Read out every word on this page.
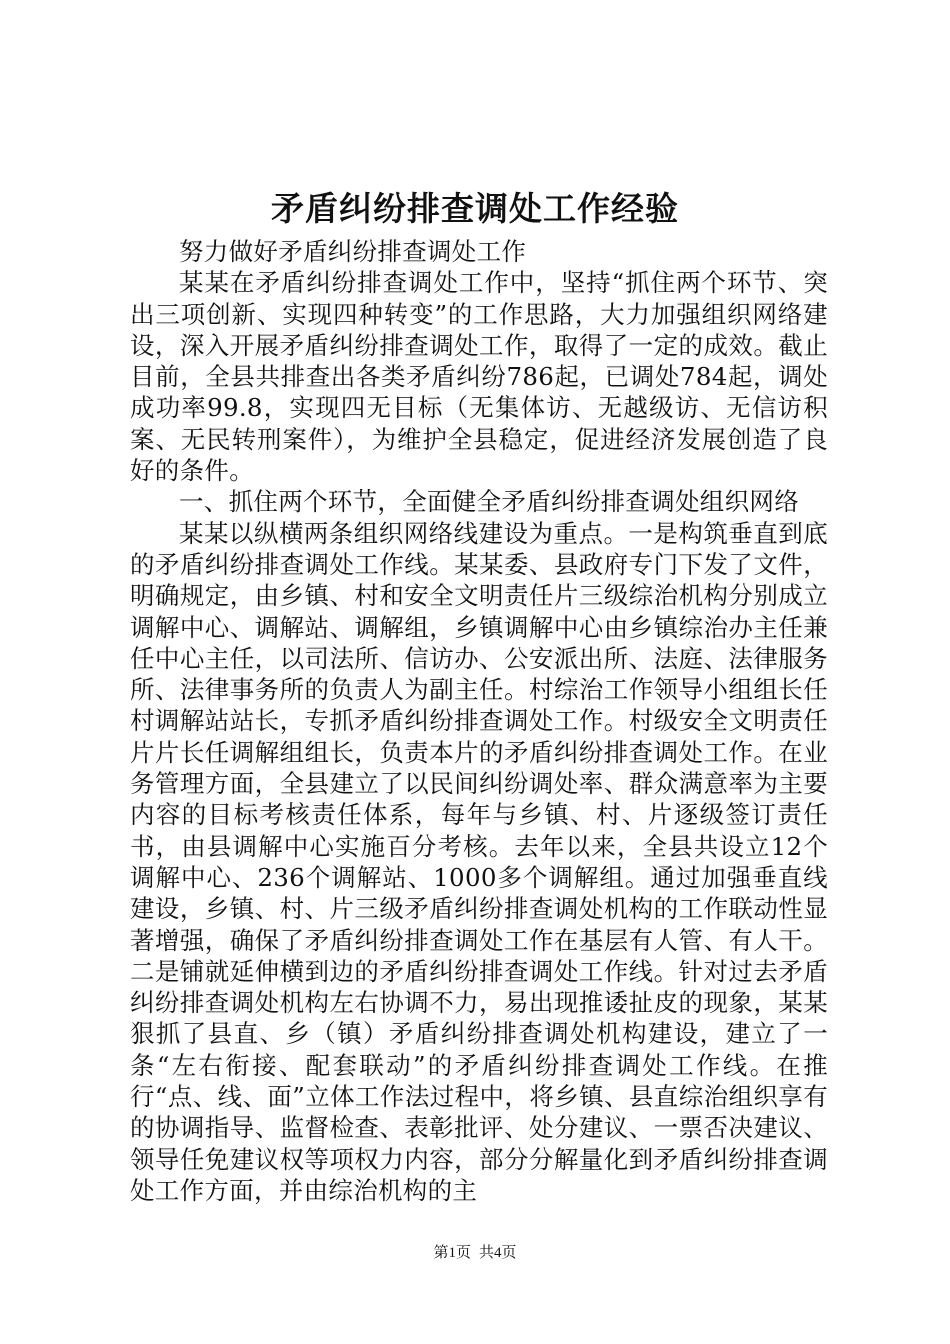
矛盾纠纷排查调处工作经验

努力做好矛盾纠纷排查调处工作

某某在矛盾纠纷排查调处工作中，坚持“抓住两个环节、突出三项创新、实现四种转变”的工作思路，大力加强组织网络建设，深入开展矛盾纠纷排查调处工作，取得了一定的成效。截止目前，全县共排查出各类矛盾纠纷786起，已调处784起，调处成功率99.8，实现四无目标（无集体访、无越级访、无信访积案、无民转刑案件），为维护全县稳定，促进经济发展创造了良好的条件。

一、抓住两个环节，全面健全矛盾纠纷排查调处组织网络

某某以纵横两条组织网络线建设为重点。一是构筑垂直到底的矛盾纠纷排查调处工作线。某某委、县政府专门下发了文件，明确规定，由乡镇、村和安全文明责任片三级综治机构分别成立调解中心、调解站、调解组，乡镇调解中心由乡镇综治办主任兼任中心主任，以司法所、信访办、公安派出所、法庭、法律服务所、法律事务所的负责人为副主任。村综治工作领导小组组长任村调解站站长，专抓矛盾纠纷排查调处工作。村级安全文明责任片片长任调解组组长，负责本片的矛盾纠纷排查调处工作。在业务管理方面，全县建立了以民间纠纷调处率、群众满意率为主要内容的目标考核责任体系，每年与乡镇、村、片逐级签订责任书，由县调解中心实施百分考核。去年以来，全县共设立12个调解中心、236个调解站、1000多个调解组。通过加强垂直线建设，乡镇、村、片三级矛盾纠纷排查调处机构的工作联动性显著增强，确保了矛盾纠纷排查调处工作在基层有人管、有人干。二是铺就延伸横到边的矛盾纠纷排查调处工作线。针对过去矛盾纠纷排查调处机构左右协调不力，易出现推诿扯皮的现象，某某狠抓了县直、乡（镇）矛盾纠纷排查调处机构建设，建立了一条“左右衔接、配套联动”的矛盾纠纷排查调处工作线。在推行“点、线、面”立体工作法过程中，将乡镇、县直综治组织享有的协调指导、监督检查、表彰批评、处分建议、一票否决建议、领导任免建议权等项权力内容，部分分解量化到矛盾纠纷排查调处工作方面，并由综治机构的主

第1页 共4页
